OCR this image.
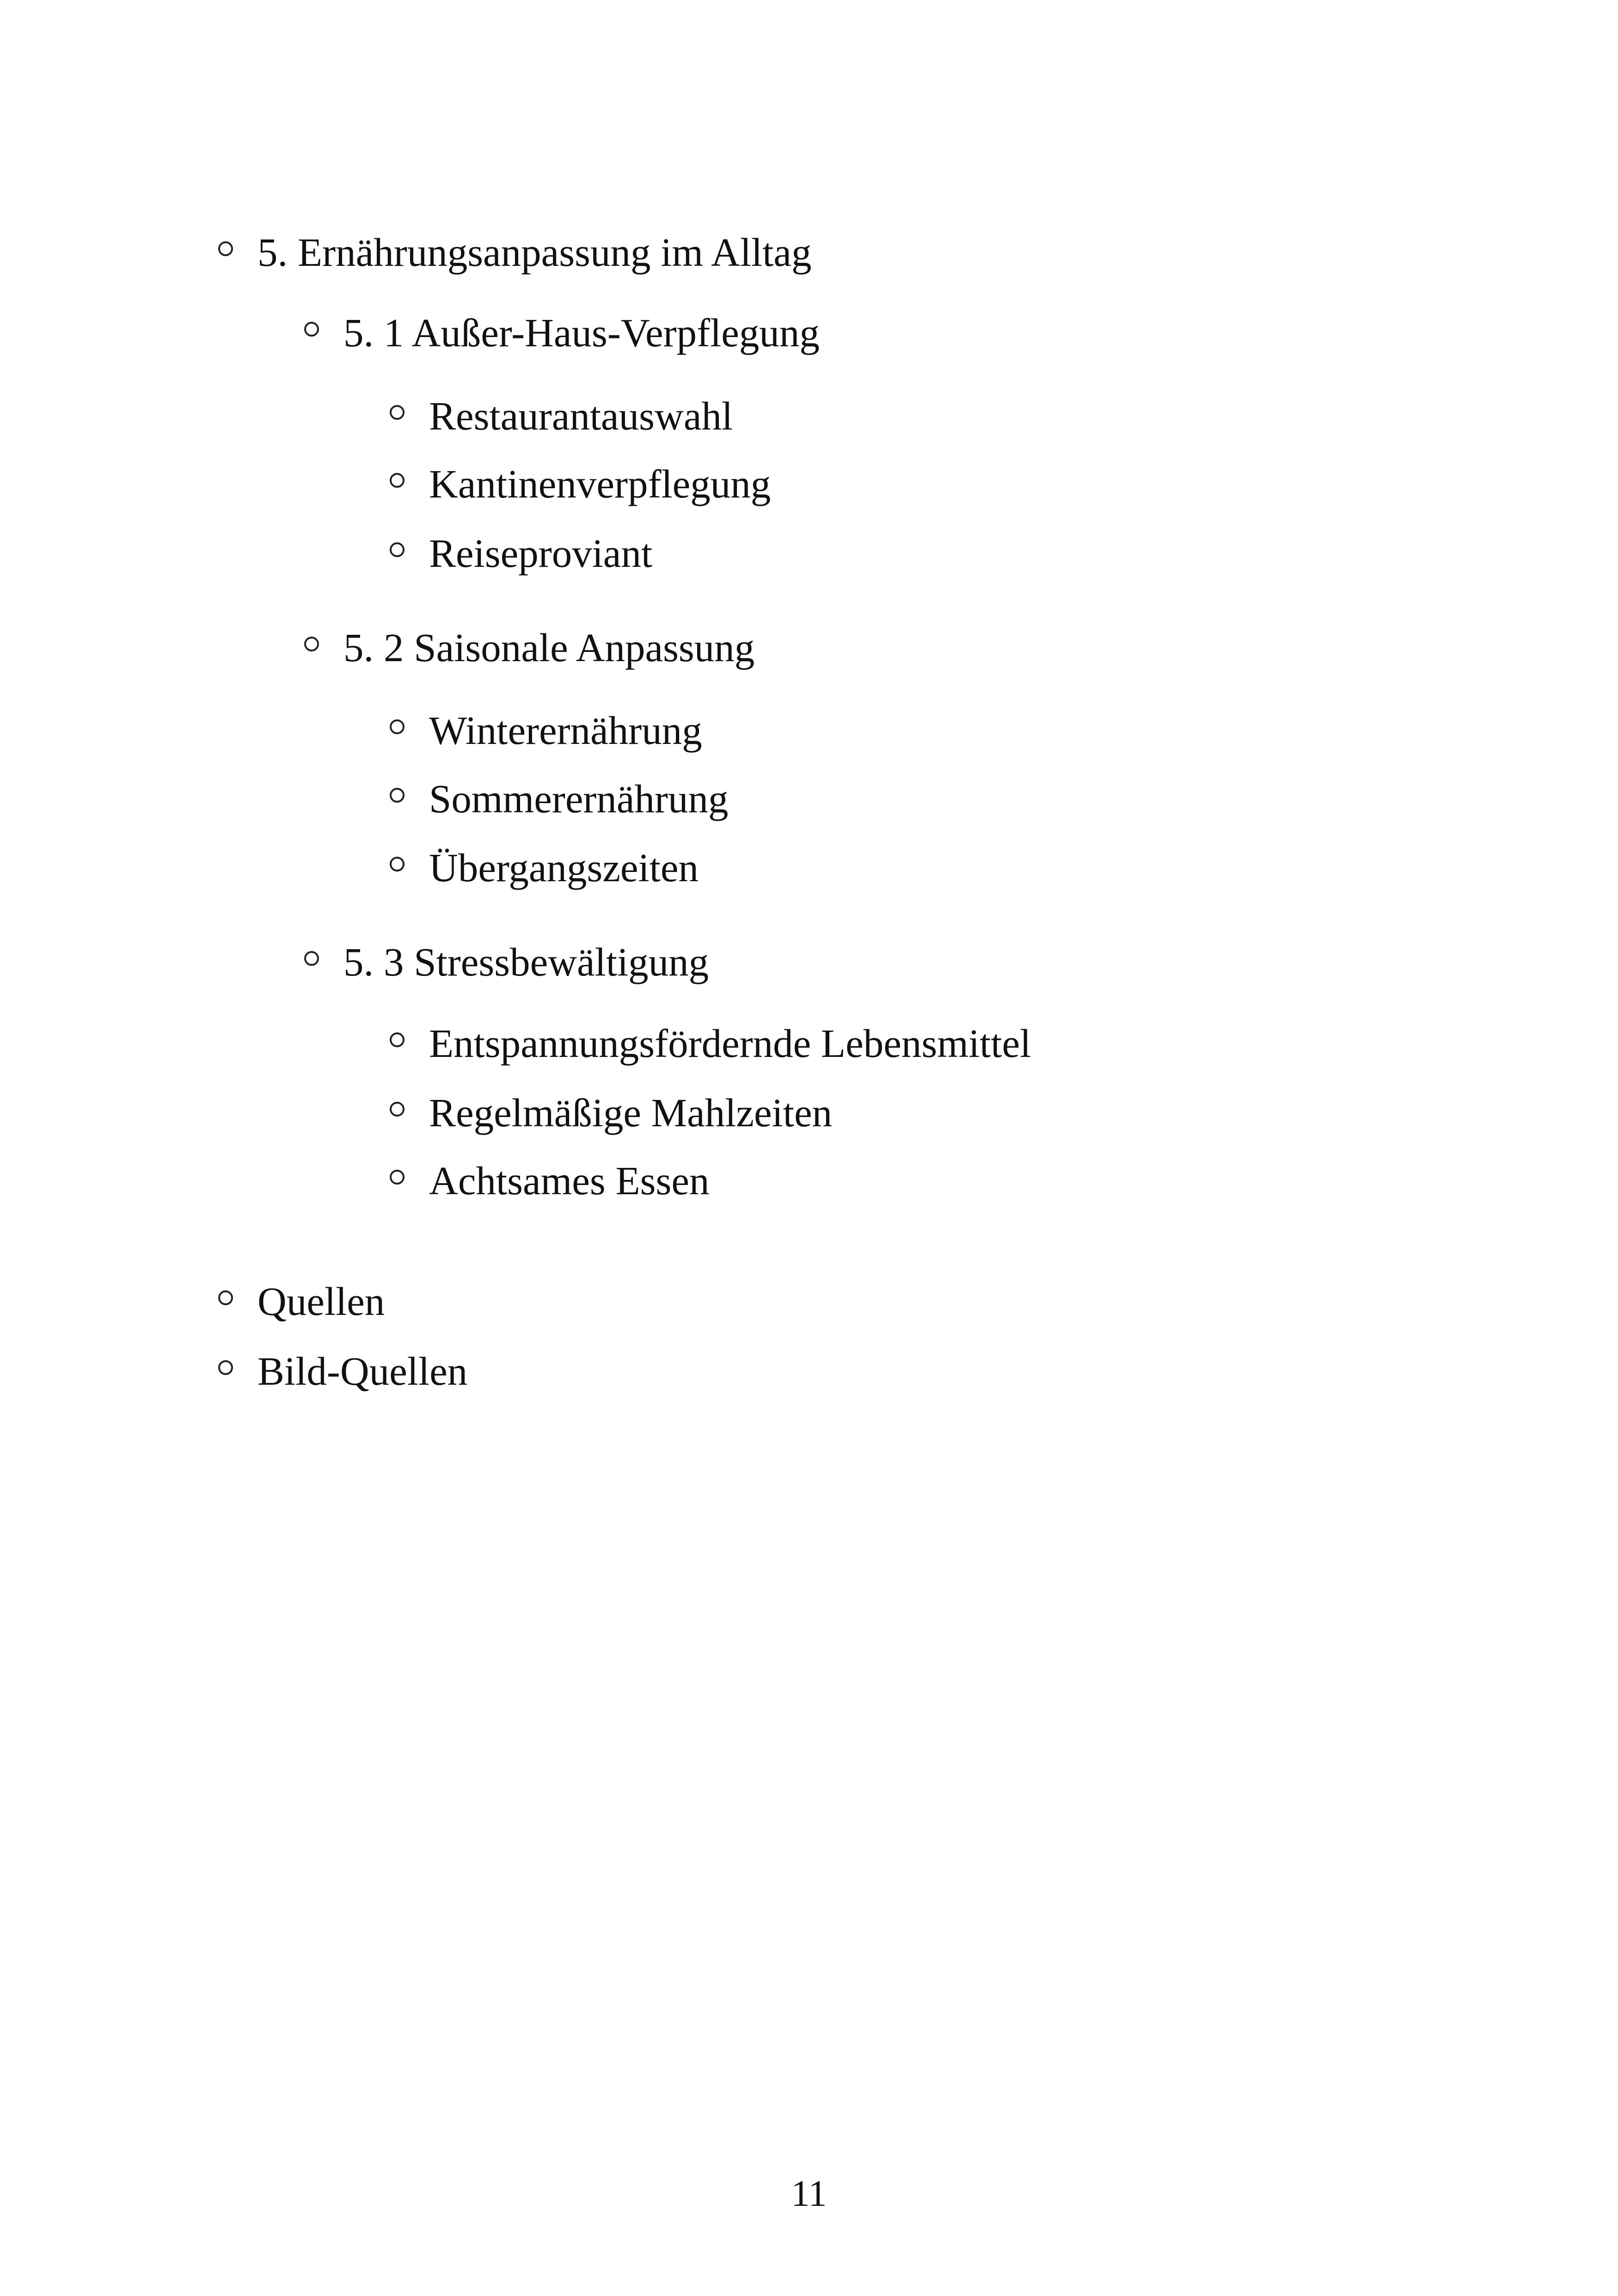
5. Ernährungsanpassung im Alltag
5. 1 Außer-Haus-Verpflegung
Restaurantauswahl
Kantinenverpflegung
Reiseproviant
5. 2 Saisonale Anpassung
Winterernährung
Sommerernährung
Übergangszeiten
5. 3 Stressbewältigung
Entspannungsfördernde Lebensmittel
Regelmäßige Mahlzeiten
Achtsames Essen
Quellen
Bild-Quellen
11
